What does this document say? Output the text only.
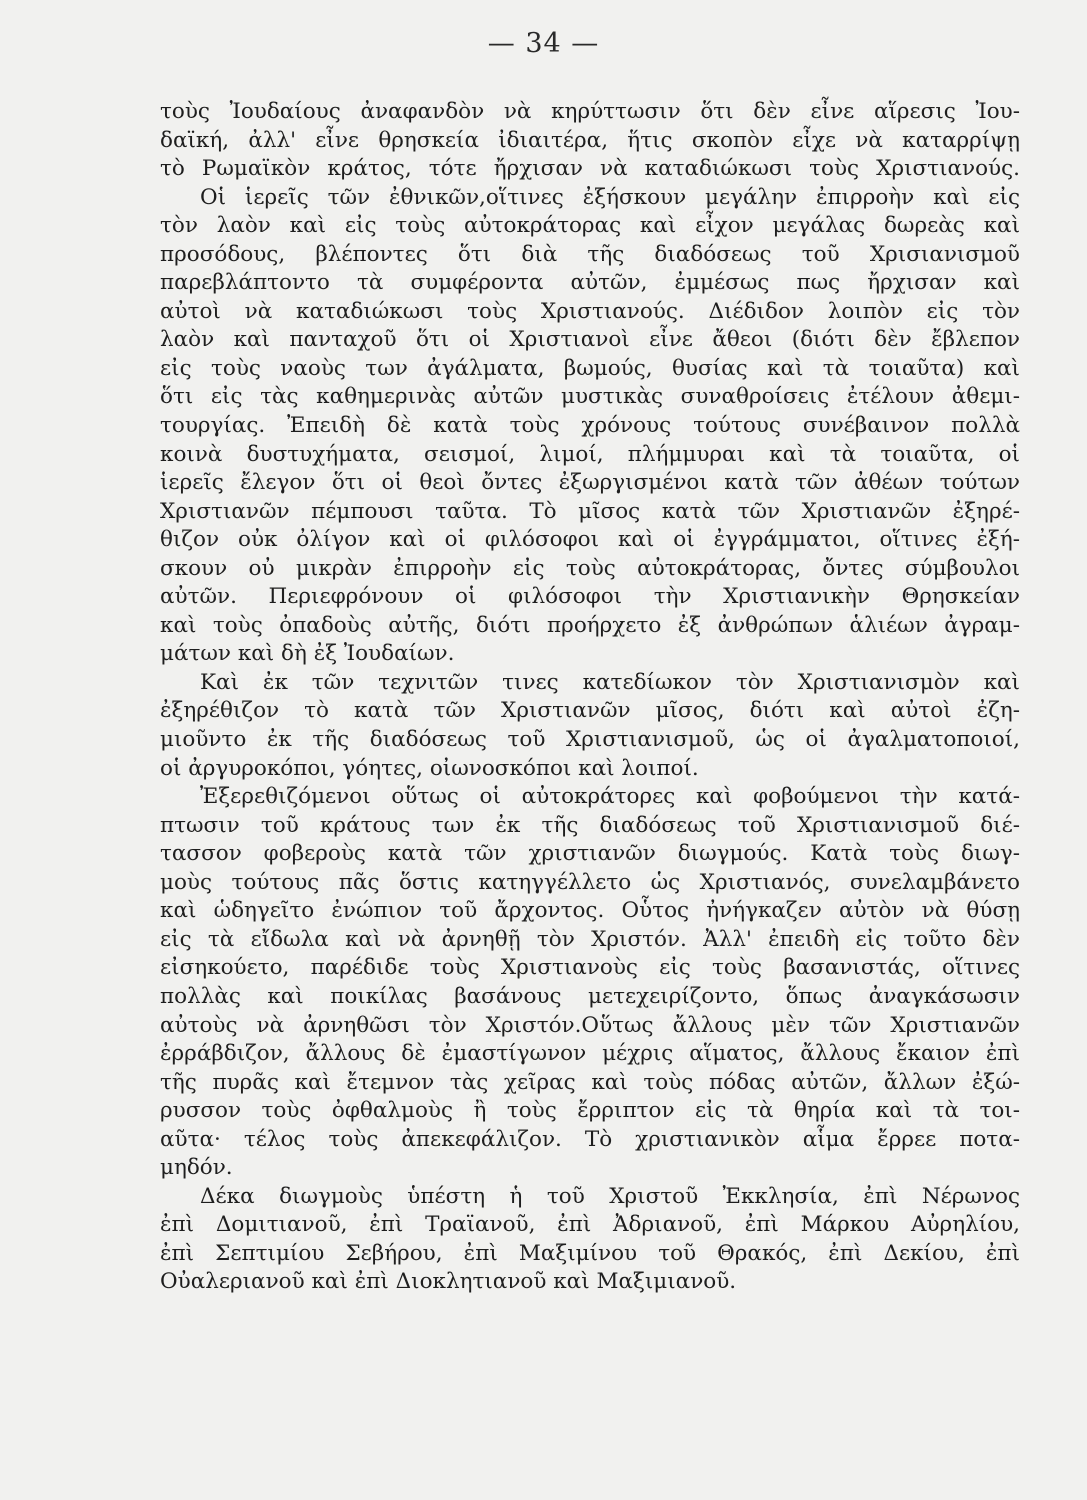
— 34 —
τοὺς Ἰουδαίους ἀναφανδὸν νὰ κηρύττωσιν ὅτι δὲν εἶνε αἵρεσις Ἰου-
δαϊκή, ἀλλ' εἶνε θρησκεία ἰδιαιτέρα, ἥτις σκοπὸν εἶχε νὰ καταρρίψῃ
τὸ Ρωμαϊκὸν κράτος, τότε ἤρχισαν νὰ καταδιώκωσι τοὺς Χριστιανούς.
Οἱ ἱερεῖς τῶν ἐθνικῶν,οἵτινες ἐξήσκουν μεγάλην ἐπιρροὴν καὶ εἰς
τὸν λαὸν καὶ εἰς τοὺς αὐτοκράτορας καὶ εἶχον μεγάλας δωρεὰς καὶ
προσόδους, βλέποντες ὅτι διὰ τῆς διαδόσεως τοῦ Χρισιανισμοῦ
παρεβλάπτοντο τὰ συμφέροντα αὐτῶν, ἐμμέσως πως ἤρχισαν καὶ
αὐτοὶ νὰ καταδιώκωσι τοὺς Χριστιανούς. Διέδιδον λοιπὸν εἰς τὸν
λαὸν καὶ πανταχοῦ ὅτι οἱ Χριστιανοὶ εἶνε ἄθεοι (διότι δὲν ἔβλεπον
εἰς τοὺς ναοὺς των ἀγάλματα, βωμούς, θυσίας καὶ τὰ τοιαῦτα) καὶ
ὅτι εἰς τὰς καθημερινὰς αὐτῶν μυστικὰς συναθροίσεις ἐτέλουν ἀθεμι-
τουργίας. Ἐπειδὴ δὲ κατὰ τοὺς χρόνους τούτους συνέβαινον πολλὰ
κοινὰ δυστυχήματα, σεισμοί, λιμοί, πλήμμυραι καὶ τὰ τοιαῦτα, οἱ
ἱερεῖς ἔλεγον ὅτι οἱ θεοὶ ὄντες ἐξωργισμένοι κατὰ τῶν ἀθέων τούτων
Χριστιανῶν πέμπουσι ταῦτα. Τὸ μῖσος κατὰ τῶν Χριστιανῶν ἐξηρέ-
θιζον οὐκ ὀλίγον καὶ οἱ φιλόσοφοι καὶ οἱ ἐγγράμματοι, οἵτινες ἐξή-
σκουν οὐ μικρὰν ἐπιρροὴν εἰς τοὺς αὐτοκράτορας, ὄντες σύμβουλοι
αὐτῶν. Περιεφρόνουν οἱ φιλόσοφοι τὴν Χριστιανικὴν Θρησκείαν
καὶ τοὺς ὀπαδοὺς αὐτῆς, διότι προήρχετο ἐξ ἀνθρώπων ἁλιέων ἀγραμ-
μάτων καὶ δὴ ἐξ Ἰουδαίων.
Καὶ ἐκ τῶν τεχνιτῶν τινες κατεδίωκον τὸν Χριστιανισμὸν καὶ
ἐξηρέθιζον τὸ κατὰ τῶν Χριστιανῶν μῖσος, διότι καὶ αὐτοὶ ἐζη-
μιοῦντο ἐκ τῆς διαδόσεως τοῦ Χριστιανισμοῦ, ὡς οἱ ἀγαλματοποιοί,
οἱ ἀργυροκόποι, γόητες, οἰωνοσκόποι καὶ λοιποί.
Ἐξερεθιζόμενοι οὕτως οἱ αὐτοκράτορες καὶ φοβούμενοι τὴν κατά-
πτωσιν τοῦ κράτους των ἐκ τῆς διαδόσεως τοῦ Χριστιανισμοῦ διέ-
τασσον φοβεροὺς κατὰ τῶν χριστιανῶν διωγμούς. Κατὰ τοὺς διωγ-
μοὺς τούτους πᾶς ὅστις κατηγγέλλετο ὡς Χριστιανός, συνελαμβάνετο
καὶ ὡδηγεῖτο ἐνώπιον τοῦ ἄρχοντος. Οὗτος ἠνήγκαζεν αὐτὸν νὰ θύσῃ
εἰς τὰ εἴδωλα καὶ νὰ ἀρνηθῇ τὸν Χριστόν. Ἀλλ' ἐπειδὴ εἰς τοῦτο δὲν
εἰσηκούετο, παρέδιδε τοὺς Χριστιανοὺς εἰς τοὺς βασανιστάς, οἵτινες
πολλὰς καὶ ποικίλας βασάνους μετεχειρίζοντο, ὅπως ἀναγκάσωσιν
αὐτοὺς νὰ ἀρνηθῶσι τὸν Χριστόν.Οὕτως ἄλλους μὲν τῶν Χριστιανῶν
ἐρράβδιζον, ἄλλους δὲ ἐμαστίγωνον μέχρις αἵματος, ἄλλους ἔκαιον ἐπὶ
τῆς πυρᾶς καὶ ἔτεμνον τὰς χεῖρας καὶ τοὺς πόδας αὐτῶν, ἄλλων ἐξώ-
ρυσσον τοὺς ὀφθαλμοὺς ἢ τοὺς ἔρριπτον εἰς τὰ θηρία καὶ τὰ τοι-
αῦτα· τέλος τοὺς ἀπεκεφάλιζον. Τὸ χριστιανικὸν αἷμα ἔρρεε ποτα-
μηδόν.
Δέκα διωγμοὺς ὑπέστη ἡ τοῦ Χριστοῦ Ἐκκλησία, ἐπὶ Νέρωνος
ἐπὶ Δομιτιανοῦ, ἐπὶ Τραϊανοῦ, ἐπὶ Ἀδριανοῦ, ἐπὶ Μάρκου Αὐρηλίου,
ἐπὶ Σεπτιμίου Σεβήρου, ἐπὶ Μαξιμίνου τοῦ Θρακός, ἐπὶ Δεκίου, ἐπὶ
Οὐαλεριανοῦ καὶ ἐπὶ Διοκλητιανοῦ καὶ Μαξιμιανοῦ.
